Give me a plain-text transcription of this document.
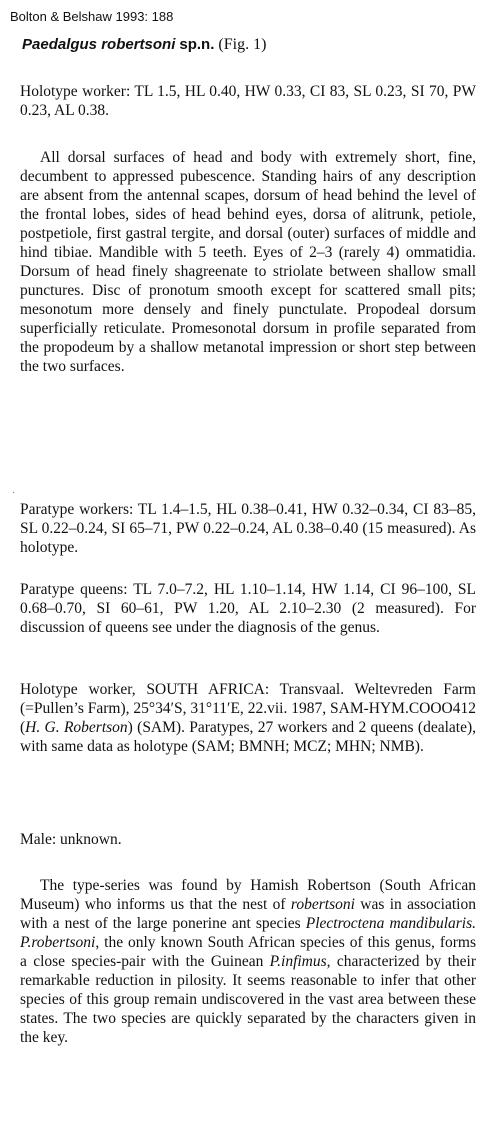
Bolton & Belshaw 1993: 188
Paedalgus robertsoni sp.n. (Fig. 1)

Holotype worker: TL 1.5, HL 0.40, HW 0.33, CI 83, SL 0.23, SI 70, PW 0.23, AL 0.38.

All dorsal surfaces of head and body with extremely short, fine, decumbent to appressed pubescence. Standing hairs of any description are absent from the antennal scapes, dorsum of head behind the level of the frontal lobes, sides of head behind eyes, dorsa of alitrunk, petiole, postpetiole, first gastral tergite, and dorsal (outer) surfaces of middle and hind tibiae. Mandible with 5 teeth. Eyes of 2–3 (rarely 4) ommatidia. Dorsum of head finely shagreenate to striolate between shallow small punctures. Disc of pronotum smooth except for scattered small pits; mesonotum more densely and finely punctulate. Propodeal dorsum superficially reticulate. Promesonotal dorsum in profile separated from the propodeum by a shallow metanotal impression or short step between the two surfaces.

˙

Paratype workers: TL 1.4–1.5, HL 0.38–0.41, HW 0.32–0.34, CI 83–85, SL 0.22–0.24, SI 65–71, PW 0.22–0.24, AL 0.38–0.40 (15 measured). As holotype.

Paratype queens: TL 7.0–7.2, HL 1.10–1.14, HW 1.14, CI 96–100, SL 0.68–0.70, SI 60–61, PW 1.20, AL 2.10–2.30 (2 measured). For discussion of queens see under the diagnosis of the genus.

Holotype worker, SOUTH AFRICA: Transvaal. Weltevreden Farm (=Pullen’s Farm), 25°34′S, 31°11′E, 22.vii. 1987, SAM-HYM.COOO412 (H. G. Robertson) (SAM). Paratypes, 27 workers and 2 queens (dealate), with same data as holotype (SAM; BMNH; MCZ; MHN; NMB).

Male: unknown.

The type-series was found by Hamish Robertson (South African Museum) who informs us that the nest of robertsoni was in association with a nest of the large ponerine ant species Plectroctena mandibularis. P.robertsoni, the only known South African species of this genus, forms a close species-pair with the Guinean P.infimus, characterized by their remarkable reduction in pilosity. It seems reasonable to infer that other species of this group remain undiscovered in the vast area between these states. The two species are quickly separated by the characters given in the key.
